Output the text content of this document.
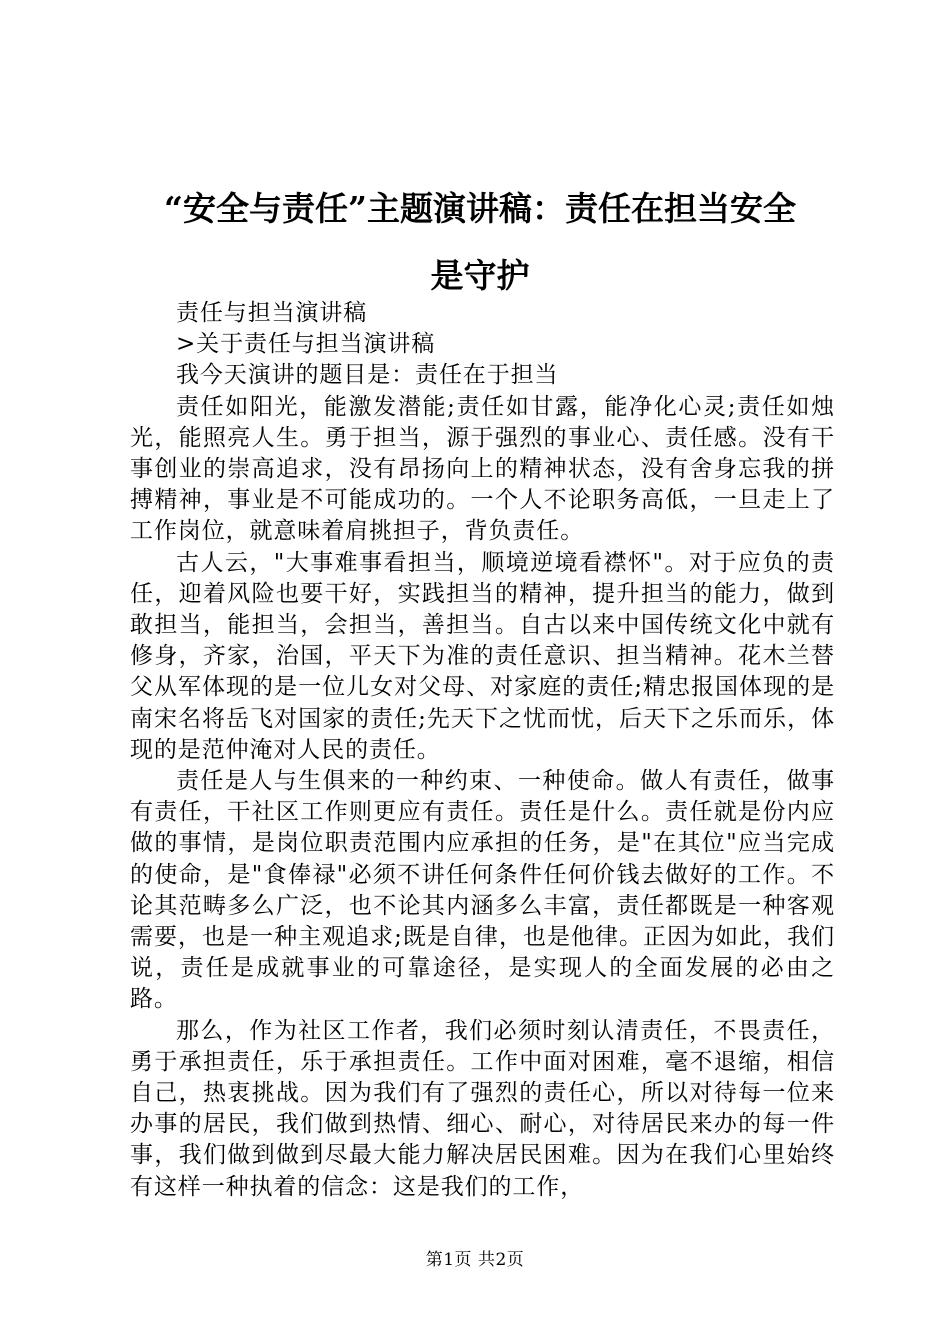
“安全与责任”主题演讲稿：责任在担当安全
是守护

责任与担当演讲稿

>关于责任与担当演讲稿

我今天演讲的题目是：责任在于担当

责任如阳光，能激发潜能;责任如甘露，能净化心灵;责任如烛光，能照亮人生。勇于担当，源于强烈的事业心、责任感。没有干事创业的崇高追求，没有昂扬向上的精神状态，没有舍身忘我的拼搏精神，事业是不可能成功的。一个人不论职务高低，一旦走上了工作岗位，就意味着肩挑担子，背负责任。

古人云，"大事难事看担当，顺境逆境看襟怀"。对于应负的责任，迎着风险也要干好，实践担当的精神，提升担当的能力，做到敢担当，能担当，会担当，善担当。自古以来中国传统文化中就有修身，齐家，治国，平天下为准的责任意识、担当精神。花木兰替父从军体现的是一位儿女对父母、对家庭的责任;精忠报国体现的是南宋名将岳飞对国家的责任;先天下之忧而忧，后天下之乐而乐，体现的是范仲淹对人民的责任。

责任是人与生俱来的一种约束、一种使命。做人有责任，做事有责任，干社区工作则更应有责任。责任是什么。责任就是份内应做的事情，是岗位职责范围内应承担的任务，是"在其位"应当完成的使命，是"食俸禄"必须不讲任何条件任何价钱去做好的工作。不论其范畴多么广泛，也不论其内涵多么丰富，责任都既是一种客观需要，也是一种主观追求;既是自律，也是他律。正因为如此，我们说，责任是成就事业的可靠途径，是实现人的全面发展的必由之路。

那么，作为社区工作者，我们必须时刻认清责任，不畏责任，勇于承担责任，乐于承担责任。工作中面对困难，毫不退缩，相信自己，热衷挑战。因为我们有了强烈的责任心，所以对待每一位来办事的居民，我们做到热情、细心、耐心，对待居民来办的每一件事，我们做到做到尽最大能力解决居民困难。因为在我们心里始终有这样一种执着的信念：这是我们的工作，

第1页 共2页
